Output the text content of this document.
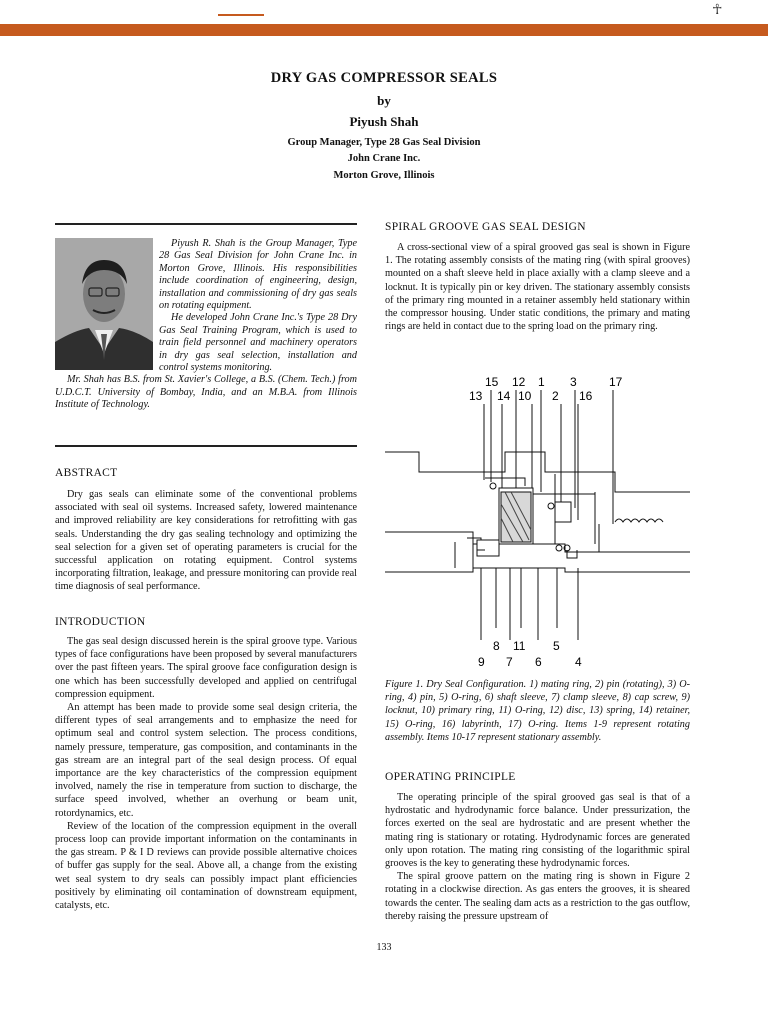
☥
DRY GAS COMPRESSOR SEALS
by
Piyush Shah
Group Manager, Type 28 Gas Seal Division
John Crane Inc.
Morton Grove, Illinois

Piyush R. Shah is the Group Manager, Type 28 Gas Seal Division for John Crane Inc. in Morton Grove, Illinois. His responsibilities include coordination of engineering, design, installation and commissioning of dry gas seals on rotating equipment.

He developed John Crane Inc.'s Type 28 Dry Gas Seal Training Program, which is used to train field personnel and machinery operators in dry gas seal selection, installation and control systems monitoring.

Mr. Shah has B.S. from St. Xavier's College, a B.S. (Chem. Tech.) from U.D.C.T. University of Bombay, India, and an M.B.A. from Illinois Institute of Technology.

ABSTRACT

Dry gas seals can eliminate some of the conventional problems associated with seal oil systems. Increased safety, lowered maintenance and improved reliability are key considerations for retrofitting with gas seals. Understanding the dry gas sealing technology and optimizing the seal selection for a given set of operating parameters is crucial for the successful application on rotating equipment. Control systems incorporating filtration, leakage, and pressure monitoring can provide real time diagnosis of seal performance.

INTRODUCTION

The gas seal design discussed herein is the spiral groove type. Various types of face configurations have been proposed by several manufacturers over the past fifteen years. The spiral groove face configuration design is one which has been successfully developed and applied on centrifugal compression equipment.

An attempt has been made to provide some seal design criteria, the different types of seal arrangements and to emphasize the need for optimum seal and control system selection. The process conditions, namely pressure, temperature, gas composition, and contaminants in the gas stream are an integral part of the seal design process. Of equal importance are the key characteristics of the compression equipment involved, namely the rise in temperature from suction to discharge, the surface speed involved, whether an overhung or beam unit, rotordynamics, etc.

Review of the location of the compression equipment in the overall process loop can provide important information on the contaminants in the gas stream. P & I D reviews can provide possible alternative choices of buffer gas supply for the seal. Above all, a change from the existing wet seal system to dry seals can possibly impact plant efficiencies positively by eliminating oil contamination of downstream equipment, catalysts, etc.

SPIRAL GROOVE GAS SEAL DESIGN

A cross-sectional view of a spiral grooved gas seal is shown in Figure 1. The rotating assembly consists of the mating ring (with spiral grooves) mounted on a shaft sleeve held in place axially with a clamp sleeve and a locknut. It is typically pin or key driven. The stationary assembly consists of the primary ring mounted in a retainer assembly held stationary within the compressor housing. Under static conditions, the primary and mating rings are held in contact due to the spring load on the primary ring.

15 12 1 3	17
13 14 10 2 16
8 11 5
9 7 6	4
Figure 1. Dry Seal Configuration. 1) mating ring, 2) pin (rotating), 3) O-ring, 4) pin, 5) O-ring, 6) shaft sleeve, 7) clamp sleeve, 8) cap screw, 9) locknut, 10) primary ring, 11) O-ring, 12) disc, 13) spring, 14) retainer, 15) O-ring, 16) labyrinth, 17) O-ring. Items 1-9 represent rotating assembly. Items 10-17 represent stationary assembly.
OPERATING PRINCIPLE

The operating principle of the spiral grooved gas seal is that of a hydrostatic and hydrodynamic force balance. Under pressurization, the forces exerted on the seal are hydrostatic and are present whether the mating ring is stationary or rotating. Hydrodynamic forces are generated only upon rotation. The mating ring consisting of the logarithmic spiral grooves is the key to generating these hydrodynamic forces.

The spiral groove pattern on the mating ring is shown in Figure 2 rotating in a clockwise direction. As gas enters the grooves, it is sheared towards the center. The sealing dam acts as a restriction to the gas outflow, thereby raising the pressure upstream of

133
